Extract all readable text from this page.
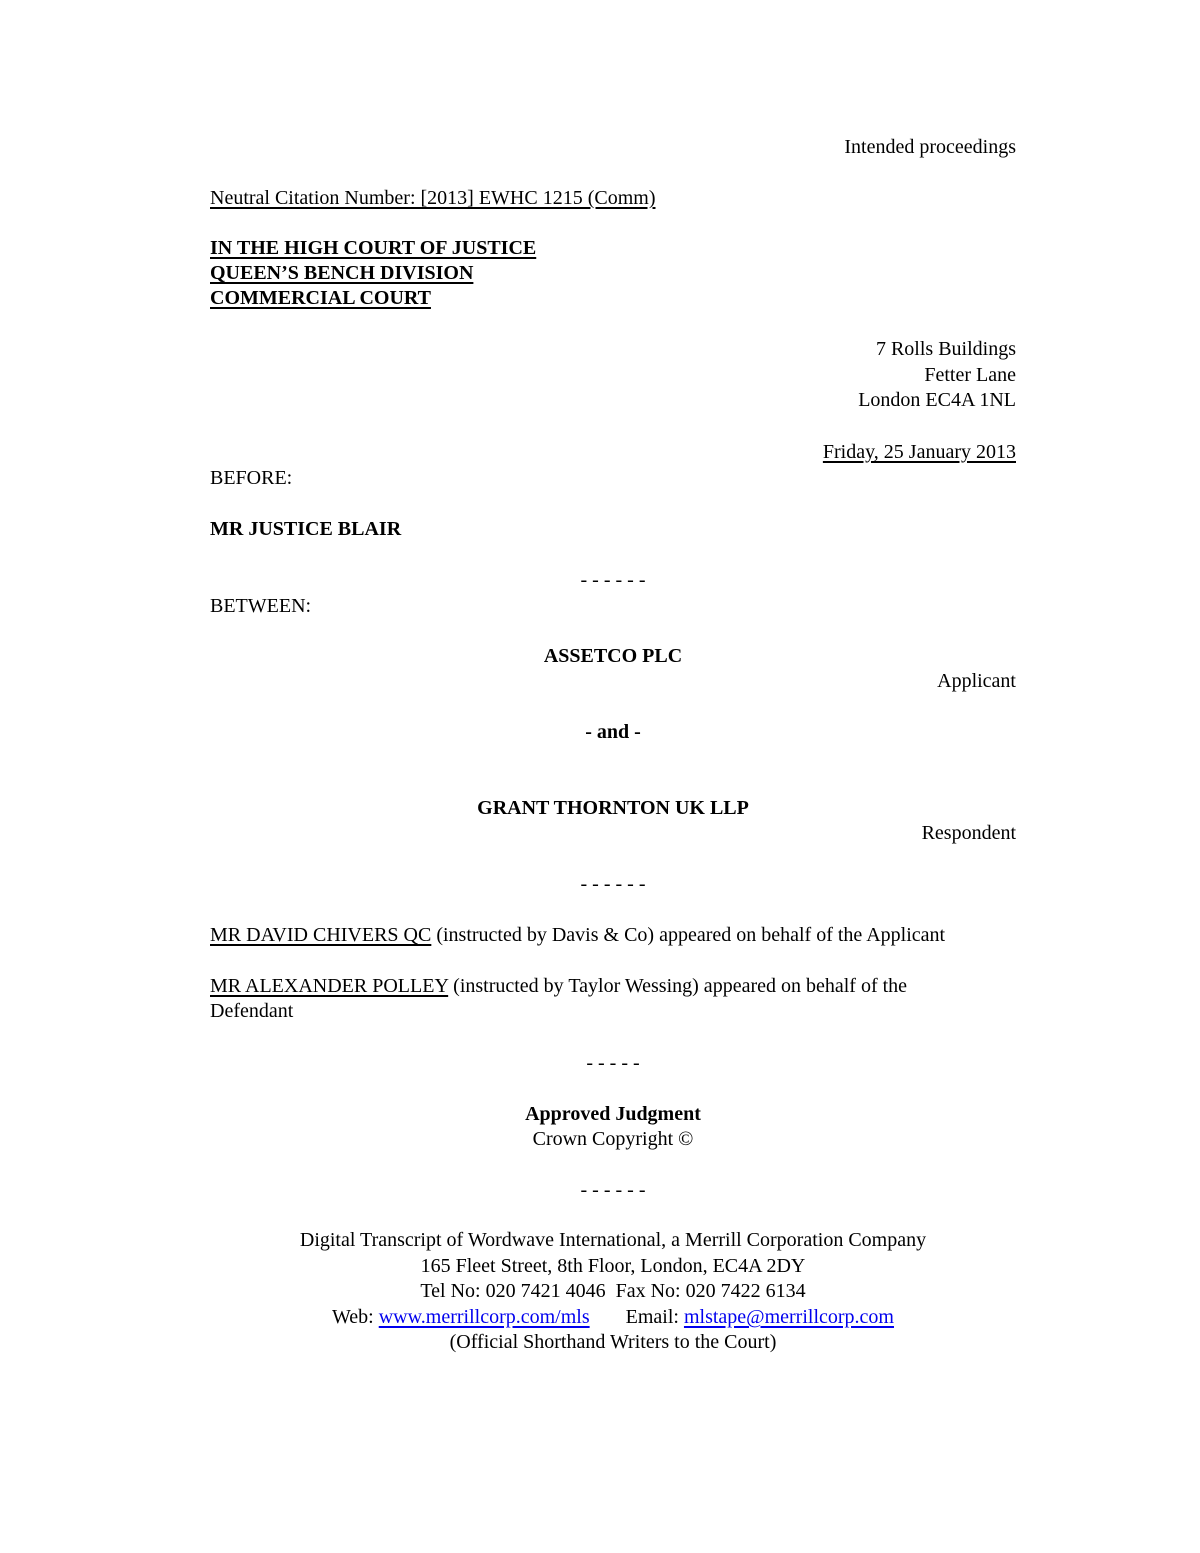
Intended proceedings

Neutral Citation Number: [2013] EWHC 1215 (Comm)

IN THE HIGH COURT OF JUSTICE
QUEEN’S BENCH DIVISION
COMMERCIAL COURT
7 Rolls Buildings
Fetter Lane
London EC4A 1NL

Friday, 25 January 2013

BEFORE:

MR JUSTICE BLAIR

- - - - - -

BETWEEN:

ASSETCO PLC

Applicant

- and -

GRANT THORNTON UK LLP

Respondent

- - - - - -

MR DAVID CHIVERS QC (instructed by Davis & Co) appeared on behalf of the Applicant

MR ALEXANDER POLLEY (instructed by Taylor Wessing) appeared on behalf of the Defendant

- - - - -

Approved Judgment

Crown Copyright ©

- - - - - -

Digital Transcript of Wordwave International, a Merrill Corporation Company
165 Fleet Street, 8th Floor, London, EC4A 2DY
Tel No: 020 7421 4046  Fax No: 020 7422 6134
Web: www.merrillcorp.com/mls Email: mlstape@merrillcorp.com
(Official Shorthand Writers to the Court)
